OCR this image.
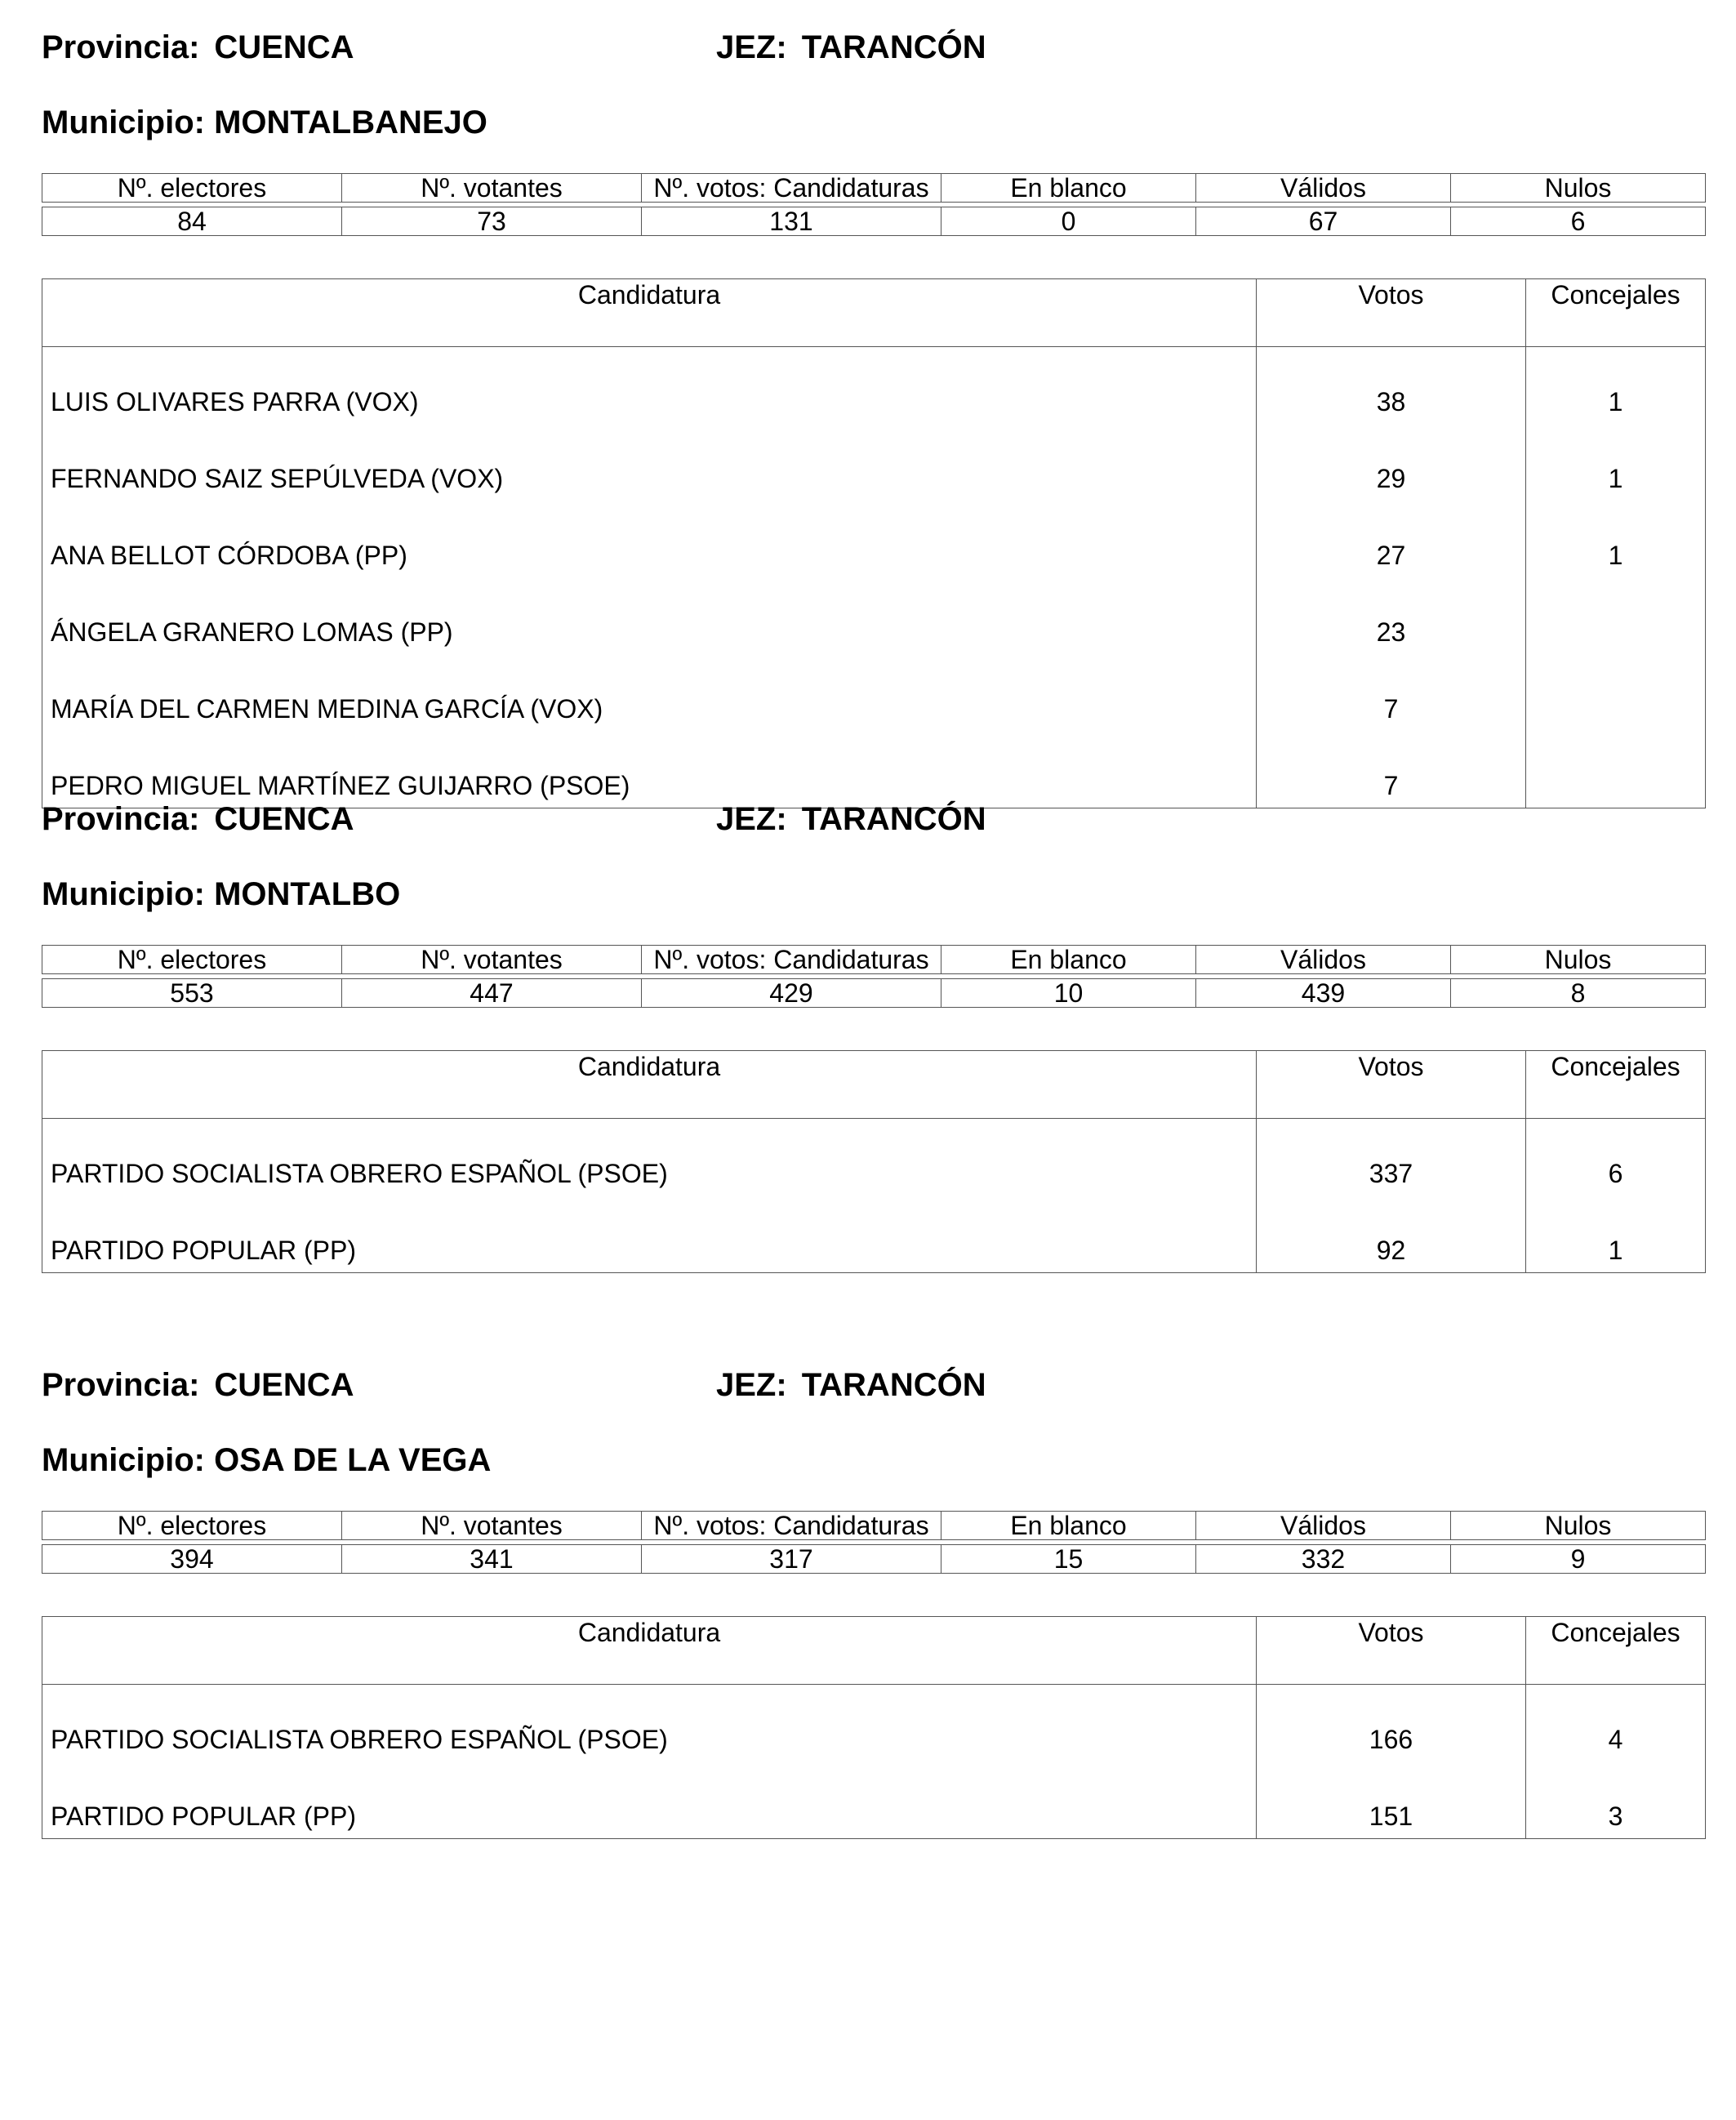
Provincia: CUENCA	JEZ: TARANCÓN
Municipio: MONTALBANEJO
Nº. electores	Nº. votantes	Nº. votos: Candidaturas	En blanco	Válidos	Nulos

84	73	131	0	67	6
Candidatura	Votos	Concejales
LUIS OLIVARES PARRA (VOX)	38	1
FERNANDO SAIZ SEPÚLVEDA (VOX)	29	1
ANA BELLOT CÓRDOBA (PP)	27	1
ÁNGELA GRANERO LOMAS (PP)	23	
MARÍA DEL CARMEN MEDINA GARCÍA (VOX)	7	
PEDRO MIGUEL MARTÍNEZ GUIJARRO (PSOE)	7	
Provincia: CUENCA	JEZ: TARANCÓN
Municipio: MONTALBO
Nº. electores	Nº. votantes	Nº. votos: Candidaturas	En blanco	Válidos	Nulos

553	447	429	10	439	8
Candidatura	Votos	Concejales
PARTIDO SOCIALISTA OBRERO ESPAÑOL (PSOE)	337	6
PARTIDO POPULAR (PP)	92	1
Provincia: CUENCA	JEZ: TARANCÓN
Municipio: OSA DE LA VEGA
Nº. electores	Nº. votantes	Nº. votos: Candidaturas	En blanco	Válidos	Nulos

394	341	317	15	332	9
Candidatura	Votos	Concejales
PARTIDO SOCIALISTA OBRERO ESPAÑOL (PSOE)	166	4
PARTIDO POPULAR (PP)	151	3
